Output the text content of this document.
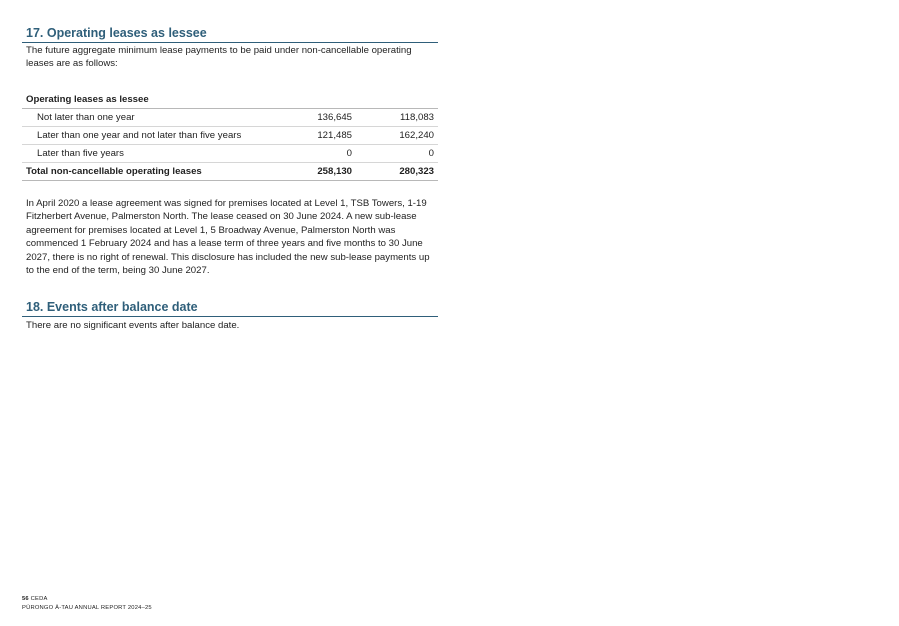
17. Operating leases as lessee

The future aggregate minimum lease payments to be paid under non-cancellable operating leases are as follows:

Operating leases as lessee		
Not later than one year	136,645	118,083
Later than one year and not later than five years	121,485	162,240
Later than five years	0	0
Total non-cancellable operating leases	258,130	280,323

In April 2020 a lease agreement was signed for premises located at Level 1, TSB Towers, 1-19 Fitzherbert Avenue, Palmerston North. The lease ceased on 30 June 2024. A new sub-lease agreement for premises located at Level 1, 5 Broadway Avenue, Palmerston North was commenced 1 February 2024 and has a lease term of three years and five months to 30 June 2027, there is no right of renewal. This disclosure has included the new sub-lease payments up to the end of the term, being 30 June 2027.

18. Events after balance date

There are no significant events after balance date.

56 CEDA
PŪRONGO Ā-TAU ANNUAL REPORT 2024–25
